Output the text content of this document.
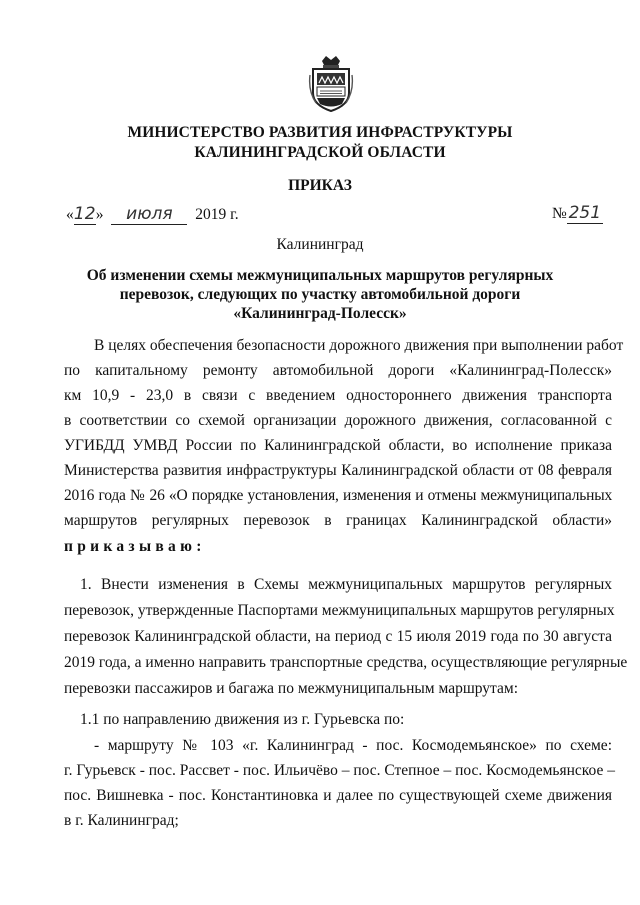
МИНИСТЕРСТВО РАЗВИТИЯ ИНФРАСТРУКТУРЫ
КАЛИНИНГРАДСКОЙ ОБЛАСТИ
ПРИКАЗ
«12» июля 2019 г.	№ 251
Калининград
Об изменении схемы межмуниципальных маршрутов регулярных
перевозок, следующих по участку автомобильной дороги
«Калининград-Полесск»
В целях обеспечения безопасности дорожного движения при выполнении работ
по капитальному ремонту автомобильной дороги «Калининград-Полесск»
км 10,9 - 23,0 в связи с введением одностороннего движения транспорта
в соответствии со схемой организации дорожного движения, согласованной с
УГИБДД УМВД России по Калининградской области, во исполнение приказа
Министерства развития инфраструктуры Калининградской области от 08 февраля
2016 года № 26 «О порядке установления, изменения и отмены межмуниципальных
маршрутов регулярных перевозок в границах Калининградской области»
приказываю:
1. Внести изменения в Схемы межмуниципальных маршрутов регулярных
перевозок, утвержденные Паспортами межмуниципальных маршрутов регулярных
перевозок Калининградской области, на период с 15 июля 2019 года по 30 августа
2019 года, а именно направить транспортные средства, осуществляющие регулярные
перевозки пассажиров и багажа по межмуниципальным маршрутам:
1.1 по направлению движения из г. Гурьевска по:
- маршруту № 103 «г. Калининград - пос. Космодемьянское» по схеме:
г. Гурьевск - пос. Рассвет - пос. Ильичёво – пос. Степное – пос. Космодемьянское –
пос. Вишневка - пос. Константиновка и далее по существующей схеме движения
в г. Калининград;
